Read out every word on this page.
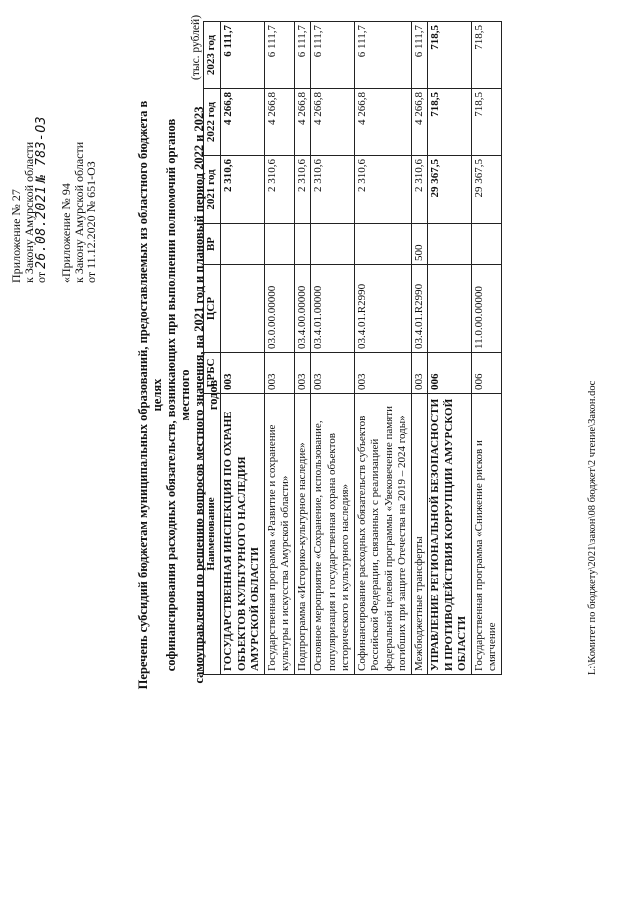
Приложение № 27
к Закону Амурской области
от 26.08.2021 № 783-ОЗ
«Приложение № 94
к Закону Амурской области
от 11.12.2020 № 651-ОЗ	Перечень субсидий бюджетам муниципальных образований, предоставляемых из областного бюджета в целях софинансирования расходных обязательств, возникающих при выполнении полномочий органов местного самоуправления по решению вопросов местного значения, на 2021 год и плановый период 2022 и 2023 годов
(тыс. рублей)
Наименование	ГРБС	ЦСР	ВР	2021 год	2022 год	2023 год
ГОСУДАРСТВЕННАЯ ИНСПЕКЦИЯ ПО ОХРАНЕ ОБЪЕКТОВ КУЛЬТУРНОГО НАСЛЕДИЯ АМУРСКОЙ ОБЛАСТИ	003			2 310,6	4 266,8	6 111,7
Государственная программа «Развитие и сохранение культуры и искусства Амурской области»	003	03.0.00.00000		2 310,6	4 266,8	6 111,7
Подпрограмма «Историко-культурное наследие»	003	03.4.00.00000		2 310,6	4 266,8	6 111,7
Основное мероприятие «Сохранение, использование, популяризация и государственная охрана объектов исторического и культурного наследия»	003	03.4.01.00000		2 310,6	4 266,8	6 111,7
Софинансирование расходных обязательств субъектов Российской Федерации, связанных с реализацией федеральной целевой программы «Увековечение памяти погибших при защите Отечества на 2019 – 2024 годы»	003	03.4.01.R2990		2 310,6	4 266,8	6 111,7
Межбюджетные трансферты	003	03.4.01.R2990	500	2 310,6	4 266,8	6 111,7
УПРАВЛЕНИЕ РЕГИОНАЛЬНОЙ БЕЗОПАСНОСТИ И ПРОТИВОДЕЙСТВИЯ КОРРУПЦИИ АМУРСКОЙ ОБЛАСТИ	006			29 367,5	718,5	718,5
Государственная программа «Снижение рисков и смягчение	006	11.0.00.00000		29 367,5	718,5	718,5
L:\Комитет по бюджету\2021\закон\08 бюджет\2 чтение\Закон.doc
